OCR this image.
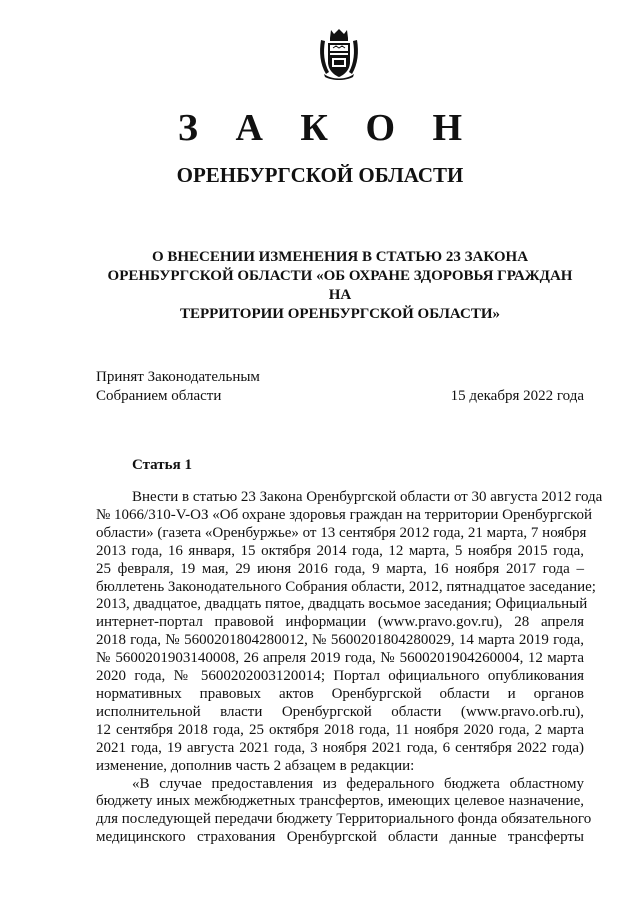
З А К О Н
ОРЕНБУРГСКОЙ ОБЛАСТИ
О ВНЕСЕНИИ ИЗМЕНЕНИЯ В СТАТЬЮ 23 ЗАКОНА
ОРЕНБУРГСКОЙ ОБЛАСТИ «ОБ ОХРАНЕ ЗДОРОВЬЯ ГРАЖДАН НА
ТЕРРИТОРИИ ОРЕНБУРГСКОЙ ОБЛАСТИ»
Принят Законодательным
Собранием области	15 декабря 2022 года
Статья 1
Внести в статью 23 Закона Оренбургской области от 30 августа 2012 года
№ 1066/310-V-ОЗ «Об охране здоровья граждан на территории Оренбургской
области» (газета «Оренбуржье» от 13 сентября 2012 года, 21 марта, 7 ноября
2013 года, 16 января, 15 октября 2014 года, 12 марта, 5 ноября 2015 года,
25 февраля, 19 мая, 29 июня 2016 года, 9 марта, 16 ноября 2017 года –
бюллетень Законодательного Собрания области, 2012, пятнадцатое заседание;
2013, двадцатое, двадцать пятое, двадцать восьмое заседания; Официальный
интернет-портал правовой информации (www.pravo.gov.ru), 28 апреля
2018 года, № 5600201804280012, № 5600201804280029, 14 марта 2019 года,
№ 5600201903140008, 26 апреля 2019 года, № 5600201904260004, 12 марта
2020 года, № 5600202003120014; Портал официального опубликования
нормативных правовых актов Оренбургской области и органов
исполнительной власти Оренбургской области (www.pravo.orb.ru),
12 сентября 2018 года, 25 октября 2018 года, 11 ноября 2020 года, 2 марта
2021 года, 19 августа 2021 года, 3 ноября 2021 года, 6 сентября 2022 года)
изменение, дополнив часть 2 абзацем в редакции:
«В случае предоставления из федерального бюджета областному
бюджету иных межбюджетных трансфертов, имеющих целевое назначение,
для последующей передачи бюджету Территориального фонда обязательного
медицинского страхования Оренбургской области данные трансферты
